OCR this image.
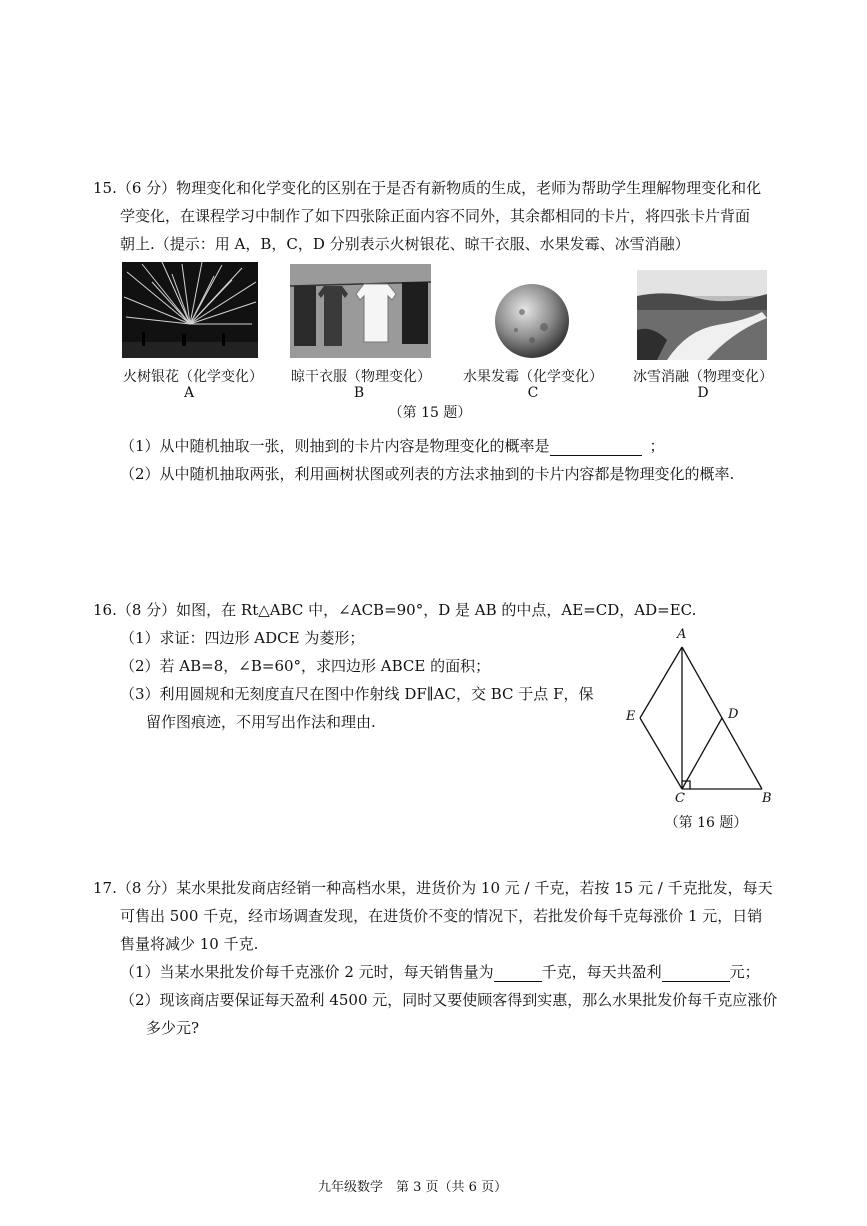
15.（6 分）物理变化和化学变化的区别在于是否有新物质的生成，老师为帮助学生理解物理变化和化
学变化，在课程学习中制作了如下四张除正面内容不同外，其余都相同的卡片，将四张卡片背面
朝上.（提示：用 A，B，C，D 分别表示火树银花、晾干衣服、水果发霉、冰雪消融）
火树银花（化学变化）	晾干衣服（物理变化）	水果发霉（化学变化）	冰雪消融（物理变化）
A	B	C	D
（第 15 题）
（1）从中随机抽取一张，则抽到的卡片内容是物理变化的概率是	；
（2）从中随机抽取两张，利用画树状图或列表的方法求抽到的卡片内容都是物理变化的概率.
16.（8 分）如图，在 Rt△ABC 中，∠ACB=90°，D 是 AB 的中点，AE=CD，AD=EC.
（1）求证：四边形 ADCE 为菱形；
（2）若 AB=8，∠B=60°，求四边形 ABCE 的面积；
（3）利用圆规和无刻度直尺在图中作射线 DF∥AC，交 BC 于点 F，保
留作图痕迹，不用写出作法和理由.
A
E	D
C	B
（第 16 题）
17.（8 分）某水果批发商店经销一种高档水果，进货价为 10 元 / 千克，若按 15 元 / 千克批发，每天
可售出 500 千克，经市场调查发现，在进货价不变的情况下，若批发价每千克每涨价 1 元，日销
售量将减少 10 千克.
（1）当某水果批发价每千克涨价 2 元时，每天销售量为	千克，每天共盈利	元；
（2）现该商店要保证每天盈利 4500 元，同时又要使顾客得到实惠，那么水果批发价每千克应涨价
多少元?
九年级数学　第 3 页（共 6 页）
